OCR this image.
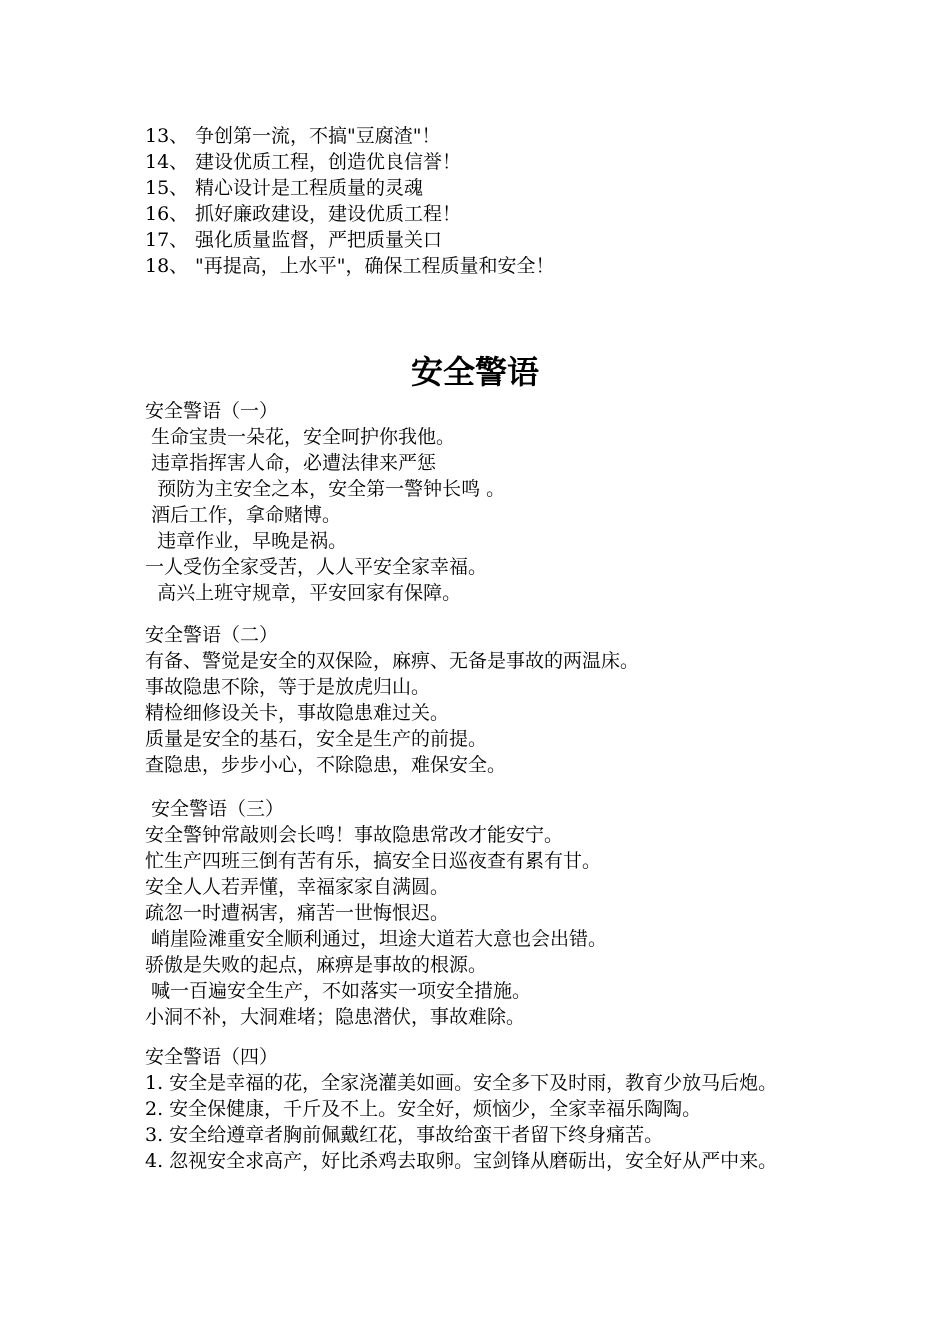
13、 争创第一流，不搞"豆腐渣"！
14、 建设优质工程，创造优良信誉！
15、 精心设计是工程质量的灵魂
16、 抓好廉政建设，建设优质工程！
17、 强化质量监督，严把质量关口
18、 "再提高，上水平"，确保工程质量和安全！
安全警语
安全警语（一）
生命宝贵一朵花，安全呵护你我他。
违章指挥害人命，必遭法律来严惩
预防为主安全之本，安全第一警钟长鸣 。
酒后工作，拿命赌博。
违章作业，早晚是祸。
一人受伤全家受苦，人人平安全家幸福。
高兴上班守规章，平安回家有保障。
安全警语（二）
有备、警觉是安全的双保险，麻痹、无备是事故的两温床。
事故隐患不除，等于是放虎归山。
精检细修设关卡，事故隐患难过关。
质量是安全的基石，安全是生产的前提。
查隐患，步步小心，不除隐患，难保安全。
安全警语（三）
安全警钟常敲则会长鸣！事故隐患常改才能安宁。
忙生产四班三倒有苦有乐，搞安全日巡夜查有累有甘。
安全人人若弄懂，幸福家家自满圆。
疏忽一时遭祸害，痛苦一世悔恨迟。
峭崖险滩重安全顺利通过，坦途大道若大意也会出错。
骄傲是失败的起点，麻痹是事故的根源。
喊一百遍安全生产，不如落实一项安全措施。
小洞不补，大洞难堵；隐患潜伏，事故难除。
安全警语（四）
1. 安全是幸福的花，全家浇灌美如画。安全多下及时雨，教育少放马后炮。
2. 安全保健康，千斤及不上。安全好，烦恼少，全家幸福乐陶陶。
3. 安全给遵章者胸前佩戴红花，事故给蛮干者留下终身痛苦。
4. 忽视安全求高产，好比杀鸡去取卵。宝剑锋从磨砺出，安全好从严中来。
